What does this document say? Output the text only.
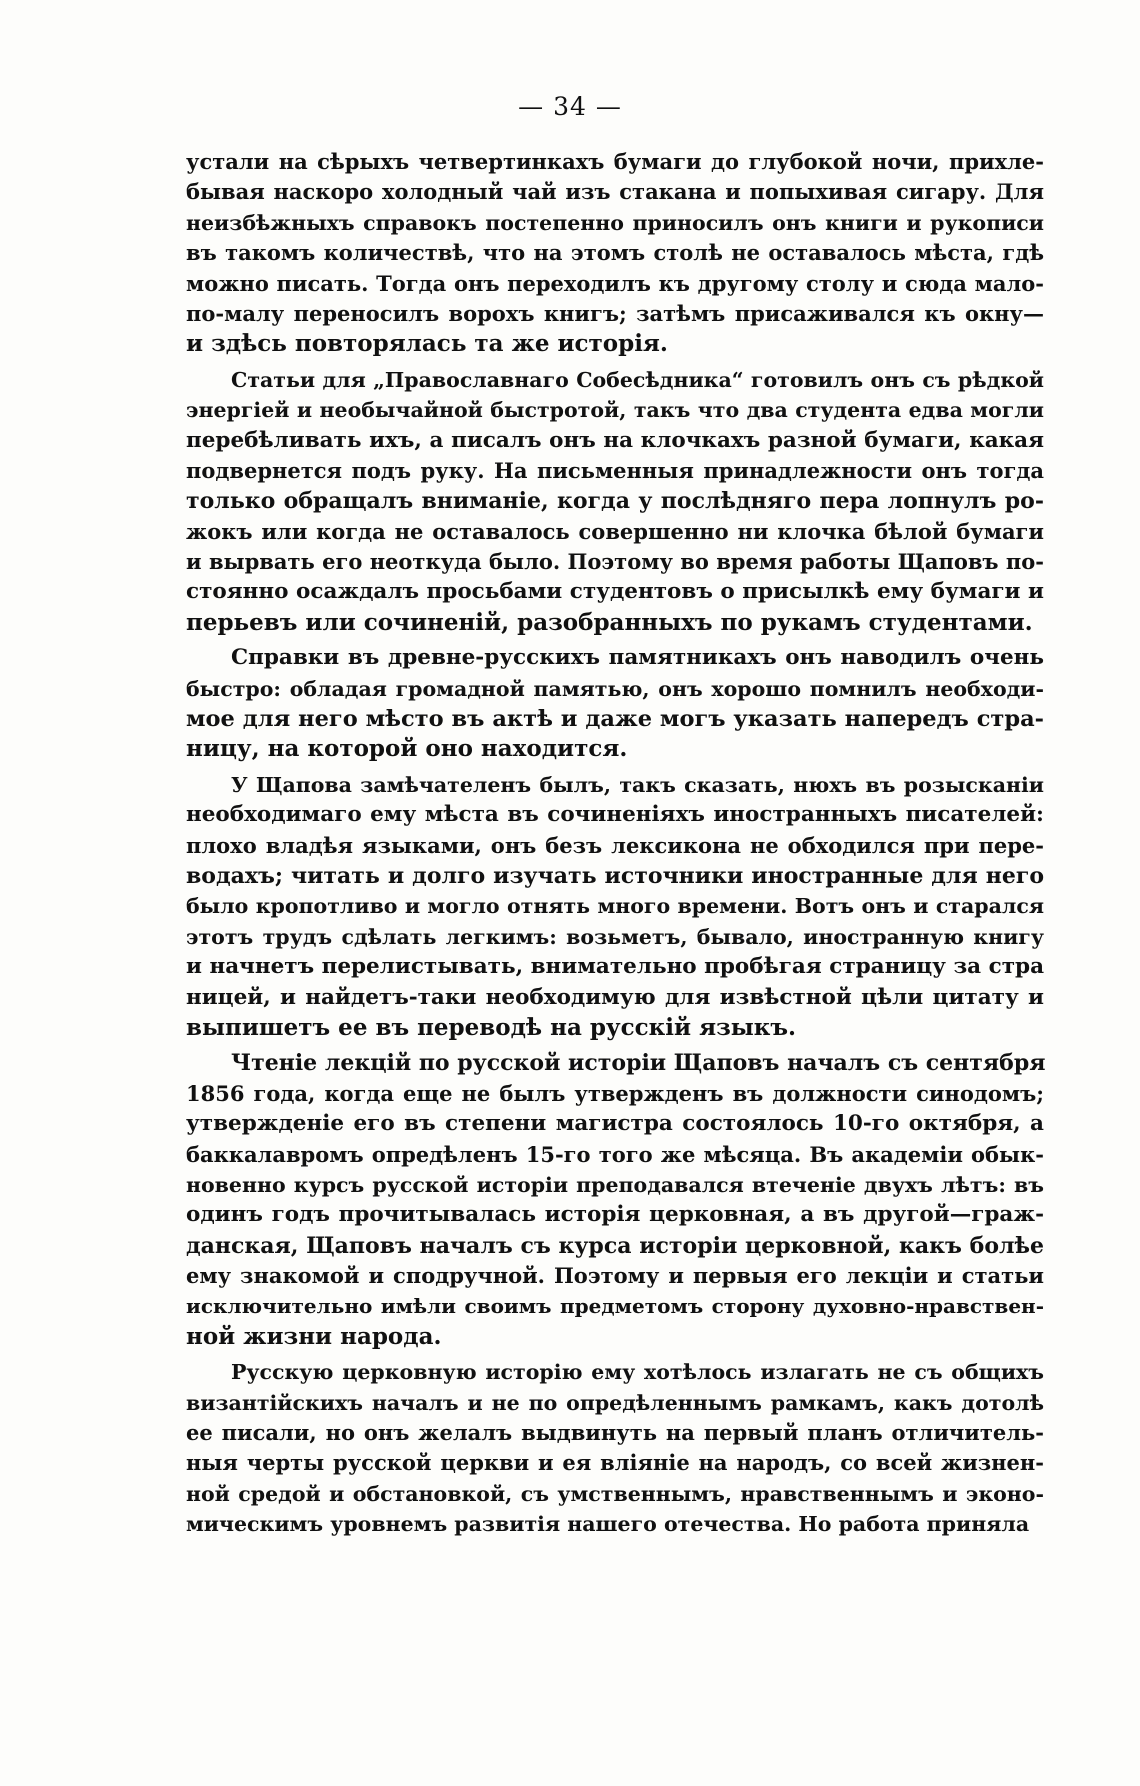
— 34 —
устали на сѣрыхъ четвертинкахъ бумаги до глубокой ночи, прихле-
бывая наскоро холодный чай изъ стакана и попыхивая сигару. Для
неизбѣжныхъ справокъ постепенно приносилъ онъ книги и рукописи
въ такомъ количествѣ, что на этомъ столѣ не оставалось мѣста, гдѣ
можно писать. Тогда онъ переходилъ къ другому столу и сюда мало-
по-малу переносилъ ворохъ книгъ; затѣмъ присаживался къ окну—
и здѣсь повторялась та же исторія.
Статьи для „Православнаго Собесѣдника“ готовилъ онъ съ рѣдкой
энергіей и необычайной быстротой, такъ что два студента едва могли
перебѣливать ихъ, а писалъ онъ на клочкахъ разной бумаги, какая
подвернется подъ руку. На письменныя принадлежности онъ тогда
только обращалъ вниманіе, когда у послѣдняго пера лопнулъ ро-
жокъ или когда не оставалось совершенно ни клочка бѣлой бумаги
и вырвать его неоткуда было. Поэтому во время работы Щаповъ по-
стоянно осаждалъ просьбами студентовъ о присылкѣ ему бумаги и
перьевъ или сочиненій, разобранныхъ по рукамъ студентами.
Справки въ древне-русскихъ памятникахъ онъ наводилъ очень
быстро: обладая громадной памятью, онъ хорошо помнилъ необходи-
мое для него мѣсто въ актѣ и даже могъ указать напередъ стра-
ницу, на которой оно находится.
У Щапова замѣчателенъ былъ, такъ сказать, нюхъ въ розысканіи
необходимаго ему мѣста въ сочиненіяхъ иностранныхъ писателей:
плохо владѣя языками, онъ безъ лексикона не обходился при пере-
водахъ; читать и долго изучать источники иностранные для него
было кропотливо и могло отнять много времени. Вотъ онъ и старался
этотъ трудъ сдѣлать легкимъ: возьметъ, бывало, иностранную книгу
и начнетъ перелистывать, внимательно пробѣгая страницу за стра
ницей, и найдетъ-таки необходимую для извѣстной цѣли цитату и
выпишетъ ее въ переводѣ на русскій языкъ.
Чтеніе лекцій по русской исторіи Щаповъ началъ съ сентября
1856 года, когда еще не былъ утвержденъ въ должности синодомъ;
утвержденіе его въ степени магистра состоялось 10-го октября, а
баккалавромъ опредѣленъ 15-го того же мѣсяца. Въ академіи обык-
новенно курсъ русской исторіи преподавался втеченіе двухъ лѣтъ: въ
одинъ годъ прочитывалась исторія церковная, а въ другой—граж-
данская, Щаповъ началъ съ курса исторіи церковной, какъ болѣе
ему знакомой и сподручной. Поэтому и первыя его лекціи и статьи
исключительно имѣли своимъ предметомъ сторону духовно-нравствен-
ной жизни народа.
Русскую церковную исторію ему хотѣлось излагать не съ общихъ
византійскихъ началъ и не по опредѣленнымъ рамкамъ, какъ дотолѣ
ее писали, но онъ желалъ выдвинуть на первый планъ отличитель-
ныя черты русской церкви и ея вліяніе на народъ, со всей жизнен-
ной средой и обстановкой, съ умственнымъ, нравственнымъ и эконо-
мическимъ уровнемъ развитія нашего отечества. Но работа приняла
